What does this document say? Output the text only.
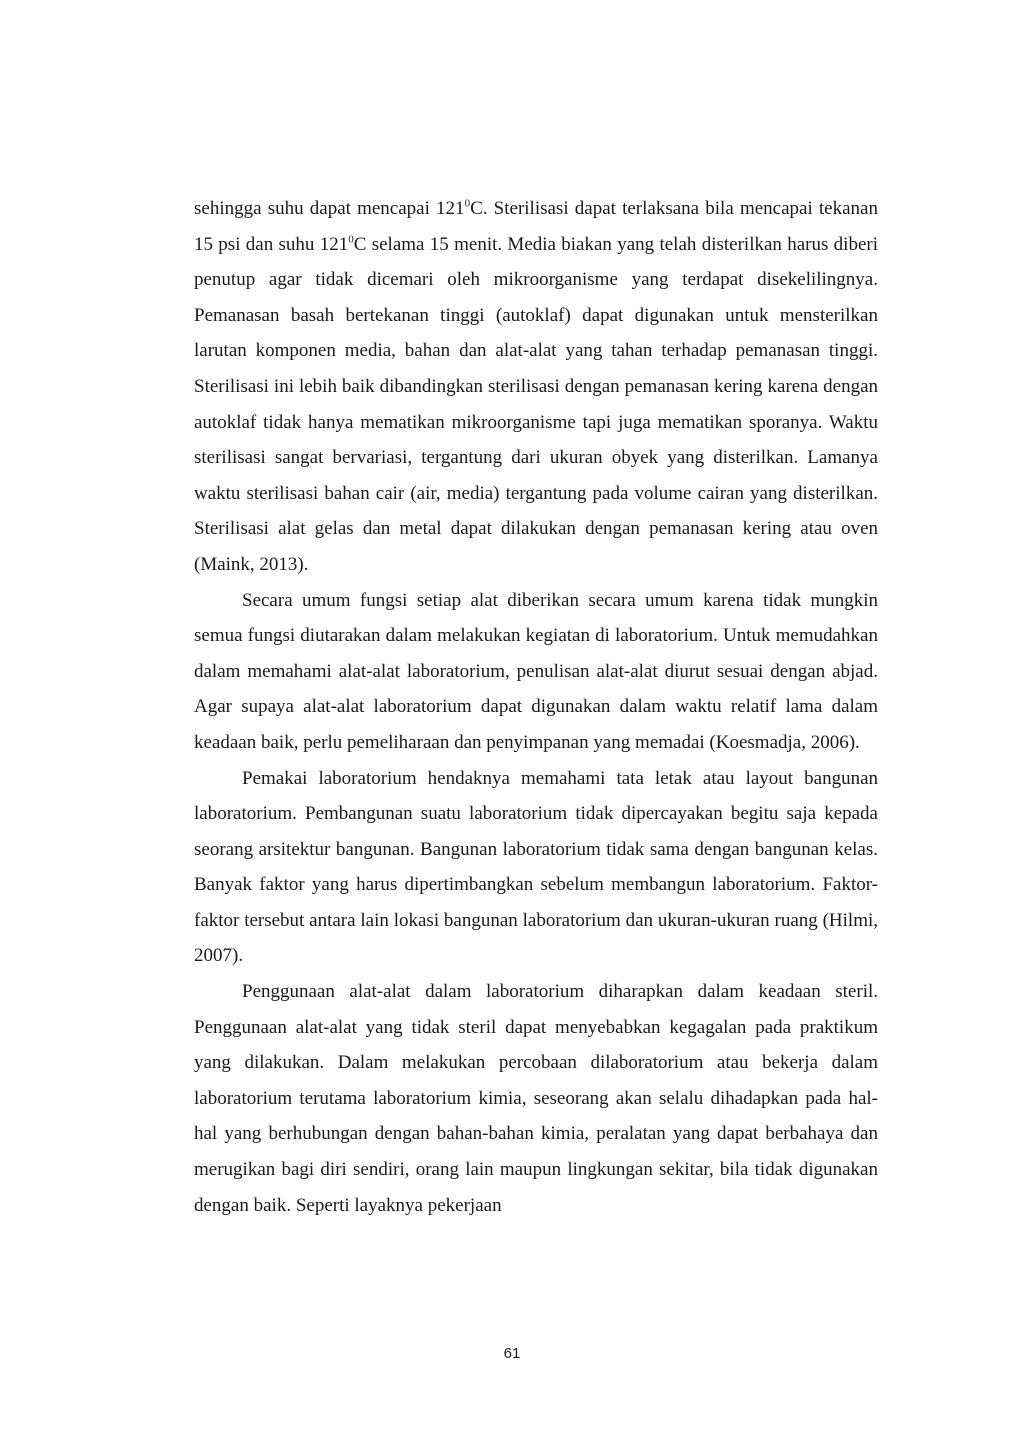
sehingga suhu dapat mencapai $121^0C$. Sterilisasi dapat terlaksana bila mencapai tekanan 15 psi dan suhu $121^0C$ selama 15 menit. Media biakan yang telah disterilkan harus diberi penutup agar tidak dicemari oleh mikroorganisme yang terdapat disekelilingnya. Pemanasan basah bertekanan tinggi (autoklaf) dapat digunakan untuk mensterilkan larutan komponen media, bahan dan alat-alat yang tahan terhadap pemanasan tinggi. Sterilisasi ini lebih baik dibandingkan sterilisasi dengan pemanasan kering karena dengan autoklaf tidak hanya mematikan mikroorganisme tapi juga mematikan sporanya. Waktu sterilisasi sangat bervariasi, tergantung dari ukuran obyek yang disterilkan. Lamanya waktu sterilisasi bahan cair (air, media) tergantung pada volume cairan yang disterilkan. Sterilisasi alat gelas dan metal dapat dilakukan dengan pemanasan kering atau oven (Maink, 2013).

Secara umum fungsi setiap alat diberikan secara umum karena tidak mungkin semua fungsi diutarakan dalam melakukan kegiatan di laboratorium. Untuk memudahkan dalam memahami alat-alat laboratorium, penulisan alat-alat diurut sesuai dengan abjad. Agar supaya alat-alat laboratorium dapat digunakan dalam waktu relatif lama dalam keadaan baik, perlu pemeliharaan dan penyimpanan yang memadai (Koesmadja, 2006).

Pemakai laboratorium hendaknya memahami tata letak atau layout bangunan laboratorium. Pembangunan suatu laboratorium tidak dipercayakan begitu saja kepada seorang arsitektur bangunan. Bangunan laboratorium tidak sama dengan bangunan kelas. Banyak faktor yang harus dipertimbangkan sebelum membangun laboratorium. Faktor-faktor tersebut antara lain lokasi bangunan laboratorium dan ukuran-ukuran ruang (Hilmi, 2007).

Penggunaan alat-alat dalam laboratorium diharapkan dalam keadaan steril. Penggunaan alat-alat yang tidak steril dapat menyebabkan kegagalan pada praktikum yang dilakukan. Dalam melakukan percobaan dilaboratorium atau bekerja dalam laboratorium terutama laboratorium kimia, seseorang akan selalu dihadapkan pada hal-hal yang berhubungan dengan bahan-bahan kimia, peralatan yang dapat berbahaya dan merugikan bagi diri sendiri, orang lain maupun lingkungan sekitar, bila tidak digunakan dengan baik. Seperti layaknya pekerjaan

61
